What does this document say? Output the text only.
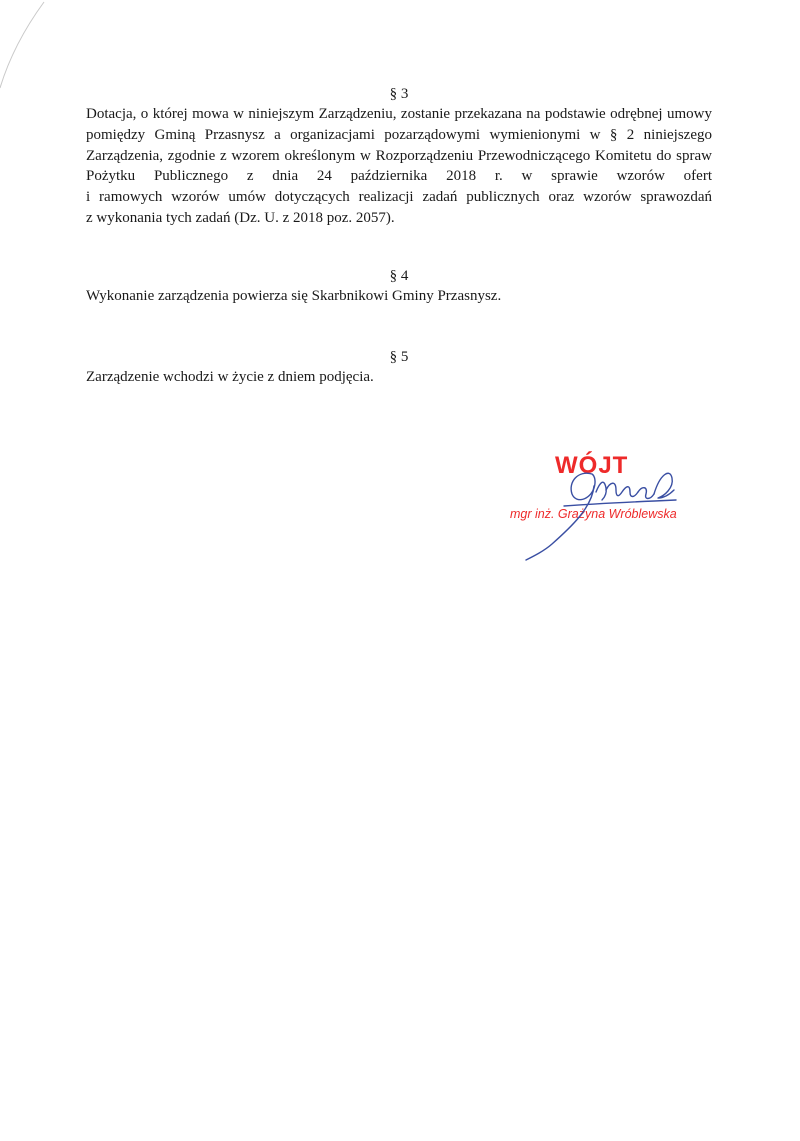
§ 3

Dotacja, o której mowa w niniejszym Zarządzeniu, zostanie przekazana na podstawie odrębnej umowy
pomiędzy Gminą Przasnysz a organizacjami pozarządowymi wymienionymi w § 2 niniejszego
Zarządzenia, zgodnie z wzorem określonym w Rozporządzeniu Przewodniczącego Komitetu do spraw
Pożytku Publicznego z dnia 24 października 2018 r. w sprawie wzorów ofert
i ramowych wzorów umów dotyczących realizacji zadań publicznych oraz wzorów sprawozdań
z wykonania tych zadań (Dz. U. z 2018 poz. 2057).

§ 4

Wykonanie zarządzenia powierza się Skarbnikowi Gminy Przasnysz.

§ 5

Zarządzenie wchodzi w życie z dniem podjęcia.

WÓJT

mgr inż. Grażyna Wróblewska
